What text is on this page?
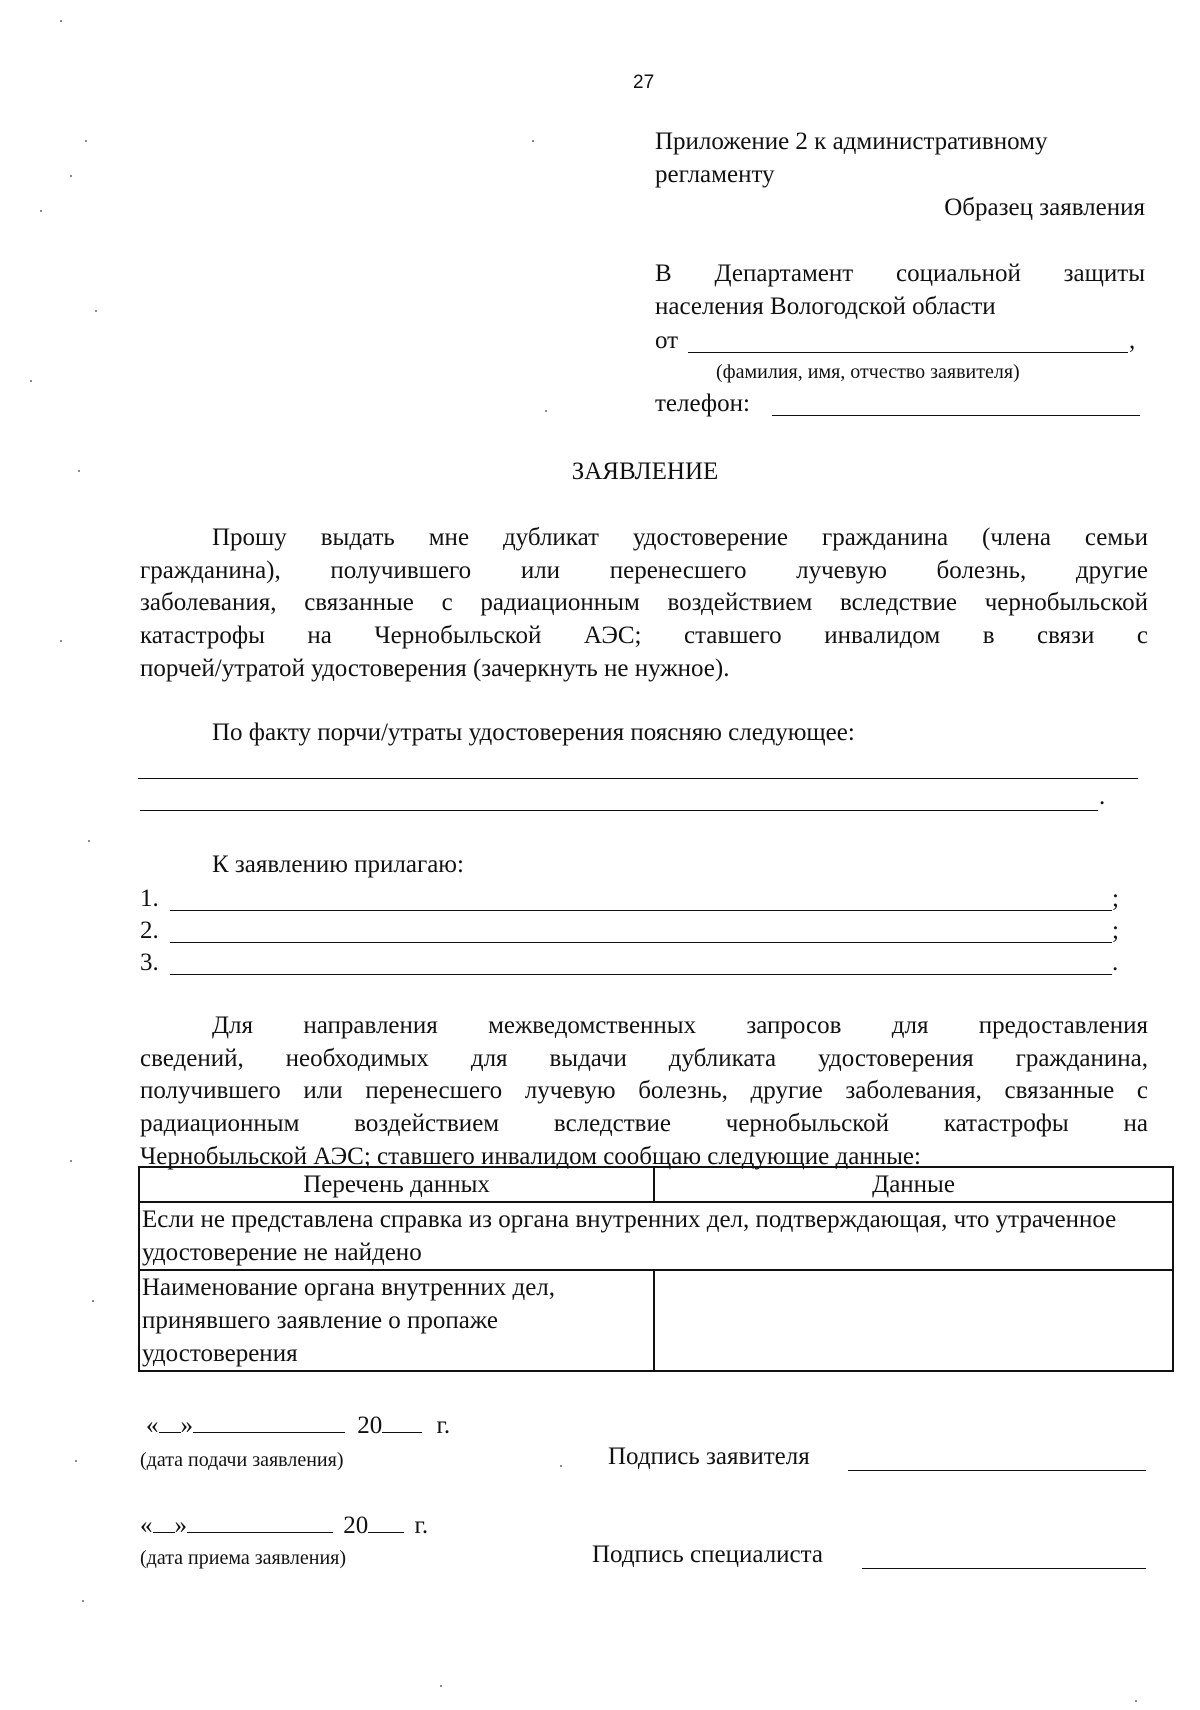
27
Приложение 2 к административному
регламенту
Образец заявления
В Департамент социальной защиты
населения Вологодской области
от	,
(фамилия, имя, отчество заявителя)
телефон:
ЗАЯВЛЕНИЕ
Прошу выдать мне дубликат удостоверение гражданина (члена семьи
гражданина), получившего или перенесшего лучевую болезнь, другие
заболевания, связанные с радиационным воздействием вследствие чернобыльской
катастрофы на Чернобыльской АЭС; ставшего инвалидом в связи с
порчей/утратой удостоверения (зачеркнуть не нужное).
По факту порчи/утраты удостоверения поясняю следующее:
.
К заявлению прилагаю:
1.	;
2.	;
3.	.
Для направления межведомственных запросов для предоставления
сведений, необходимых для выдачи дубликата удостоверения гражданина,
получившего или перенесшего лучевую болезнь, другие заболевания, связанные с
радиационным воздействием вследствие чернобыльской катастрофы на
Чернобыльской АЭС; ставшего инвалидом сообщаю следующие данные:
Перечень данных	Данные
Если не представлена справка из органа внутренних дел, подтверждающая, что утраченное удостоверение не найдено	
Наименование органа внутренних дел, принявшего заявление о пропаже удостоверения	
« »	20 г.
(дата подачи заявления)	Подпись заявителя
« »	20 г.
(дата приема заявления)	Подпись специалиста
